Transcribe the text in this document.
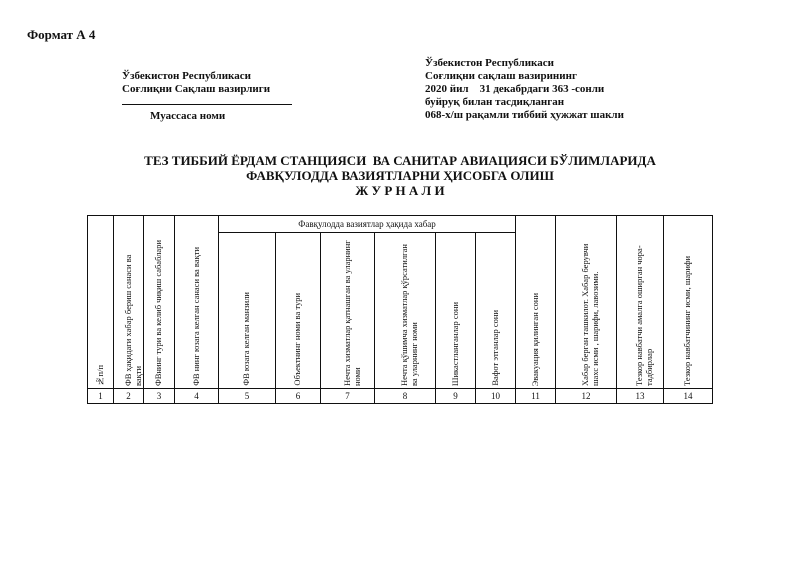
Формат А 4
Ўзбекистон Республикаси
Соғлиқни Сақлаш вазирлиги
Муассаса номи
Ўзбекистон Республикаси
Соғлиқни сақлаш вазирининг
2020 йил    31 декабрдаги 363 -сонли
буйруқ билан тасдиқланган
068-х/ш рақамли тиббий ҳужжат шакли
ТЕЗ ТИББИЙ ЁРДАМ СТАНЦИЯСИ  ВА САНИТАР АВИАЦИЯСИ БЎЛИМЛАРИДА
ФАВҚУЛОДДА ВАЗИЯТЛАРНИ ҲИСОБГА ОЛИШ
Ж У Р Н А Л И
№п/п	ФВ ҳақидаги хабар бериш санаси ва вақти	ФВнинг тури ва келиб чиқиш сабаблари	ФВ нинг юзага келган санаси ва вақти	Фавқулодда вазиятлар ҳақида хабар						Эвакуация қилинган сони	Хабар берган ташкилот. Хабар берувчи шахс исми , шарифи, лавозими.	Тезкор навбатчи амалга оширган чора-тадбирлар	Тезкор навбатчининг исми, шарифи

				ФВ юзага келган манзили	Объектнинг номи ва тури	Нечта хизматлар қатнашган ва уларнинг номи	Нечта қўшимча хизматлар қўрсатилган ва уларнинг номи	Шикастланганлар сони	Вафот этганлар сони				

1	2	3	4	5	6	7	8	9	10	11	12	13	14
